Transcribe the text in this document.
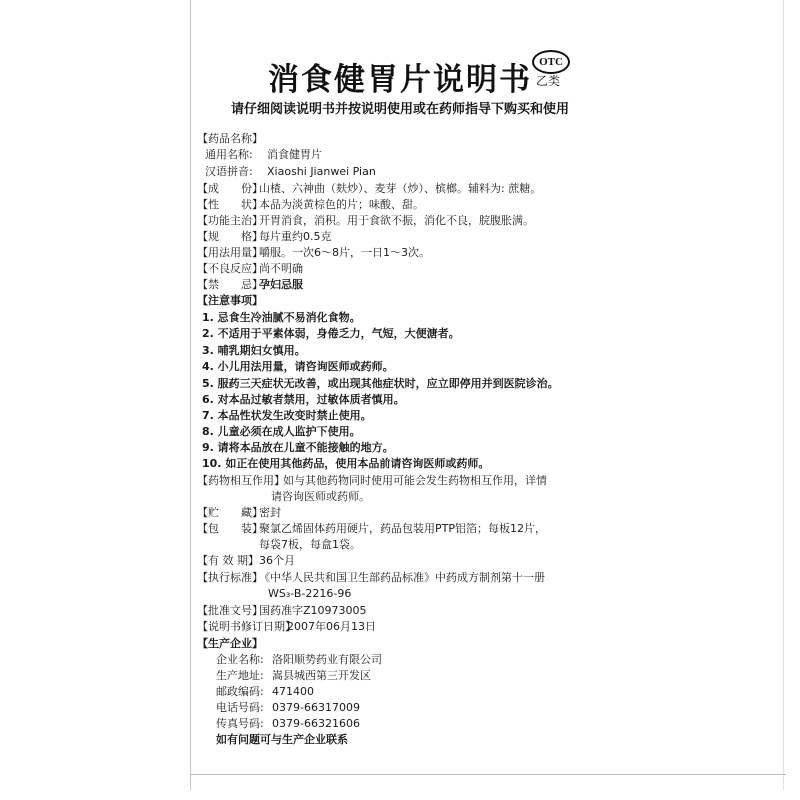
消食健胃片说明书 OTC
乙类
请仔细阅读说明书并按说明使用或在药师指导下购买和使用
【药品名称】
通用名称: 消食健胃片
汉语拼音: Xiaoshi Jianwei Pian
【成　　份】山楂、六神曲（麸炒）、麦芽（炒）、槟榔。辅料为: 蔗糖。
【性　　状】本品为淡黄棕色的片；味酸、甜。
【功能主治】开胃消食，消积。用于食欲不振，消化不良，脘腹胀满。
【规　　格】每片重约0.5克
【用法用量】嚼服。一次6～8片，一日1～3次。
【不良反应】尚不明确
【禁　　忌】孕妇忌服
【注意事项】
1. 忌食生冷油腻不易消化食物。
2. 不适用于平素体弱，身倦乏力，气短，大便溏者。
3. 哺乳期妇女慎用。
4. 小儿用法用量，请咨询医师或药师。
5. 服药三天症状无改善，或出现其他症状时，应立即停用并到医院诊治。
6. 对本品过敏者禁用，过敏体质者慎用。
7. 本品性状发生改变时禁止使用。
8. 儿童必须在成人监护下使用。
9. 请将本品放在儿童不能接触的地方。
10. 如正在使用其他药品，使用本品前请咨询医师或药师。
【药物相互作用】如与其他药物同时使用可能会发生药物相互作用，详情
请咨询医师或药师。
【贮　　藏】密封
【包　　装】聚氯乙烯固体药用硬片，药品包装用PTP铝箔；每板12片，
每袋7板，每盒1袋。
【有 效 期】36个月
【执行标准】《中华人民共和国卫生部药品标准》中药成方制剂第十一册
WS₃-B-2216-96
【批准文号】国药准字Z10973005
【说明书修订日期】2007年06月13日
【生产企业】
企业名称: 洛阳顺势药业有限公司
生产地址: 嵩县城西第三开发区
邮政编码: 471400
电话号码: 0379-66317009
传真号码: 0379-66321606
如有问题可与生产企业联系
